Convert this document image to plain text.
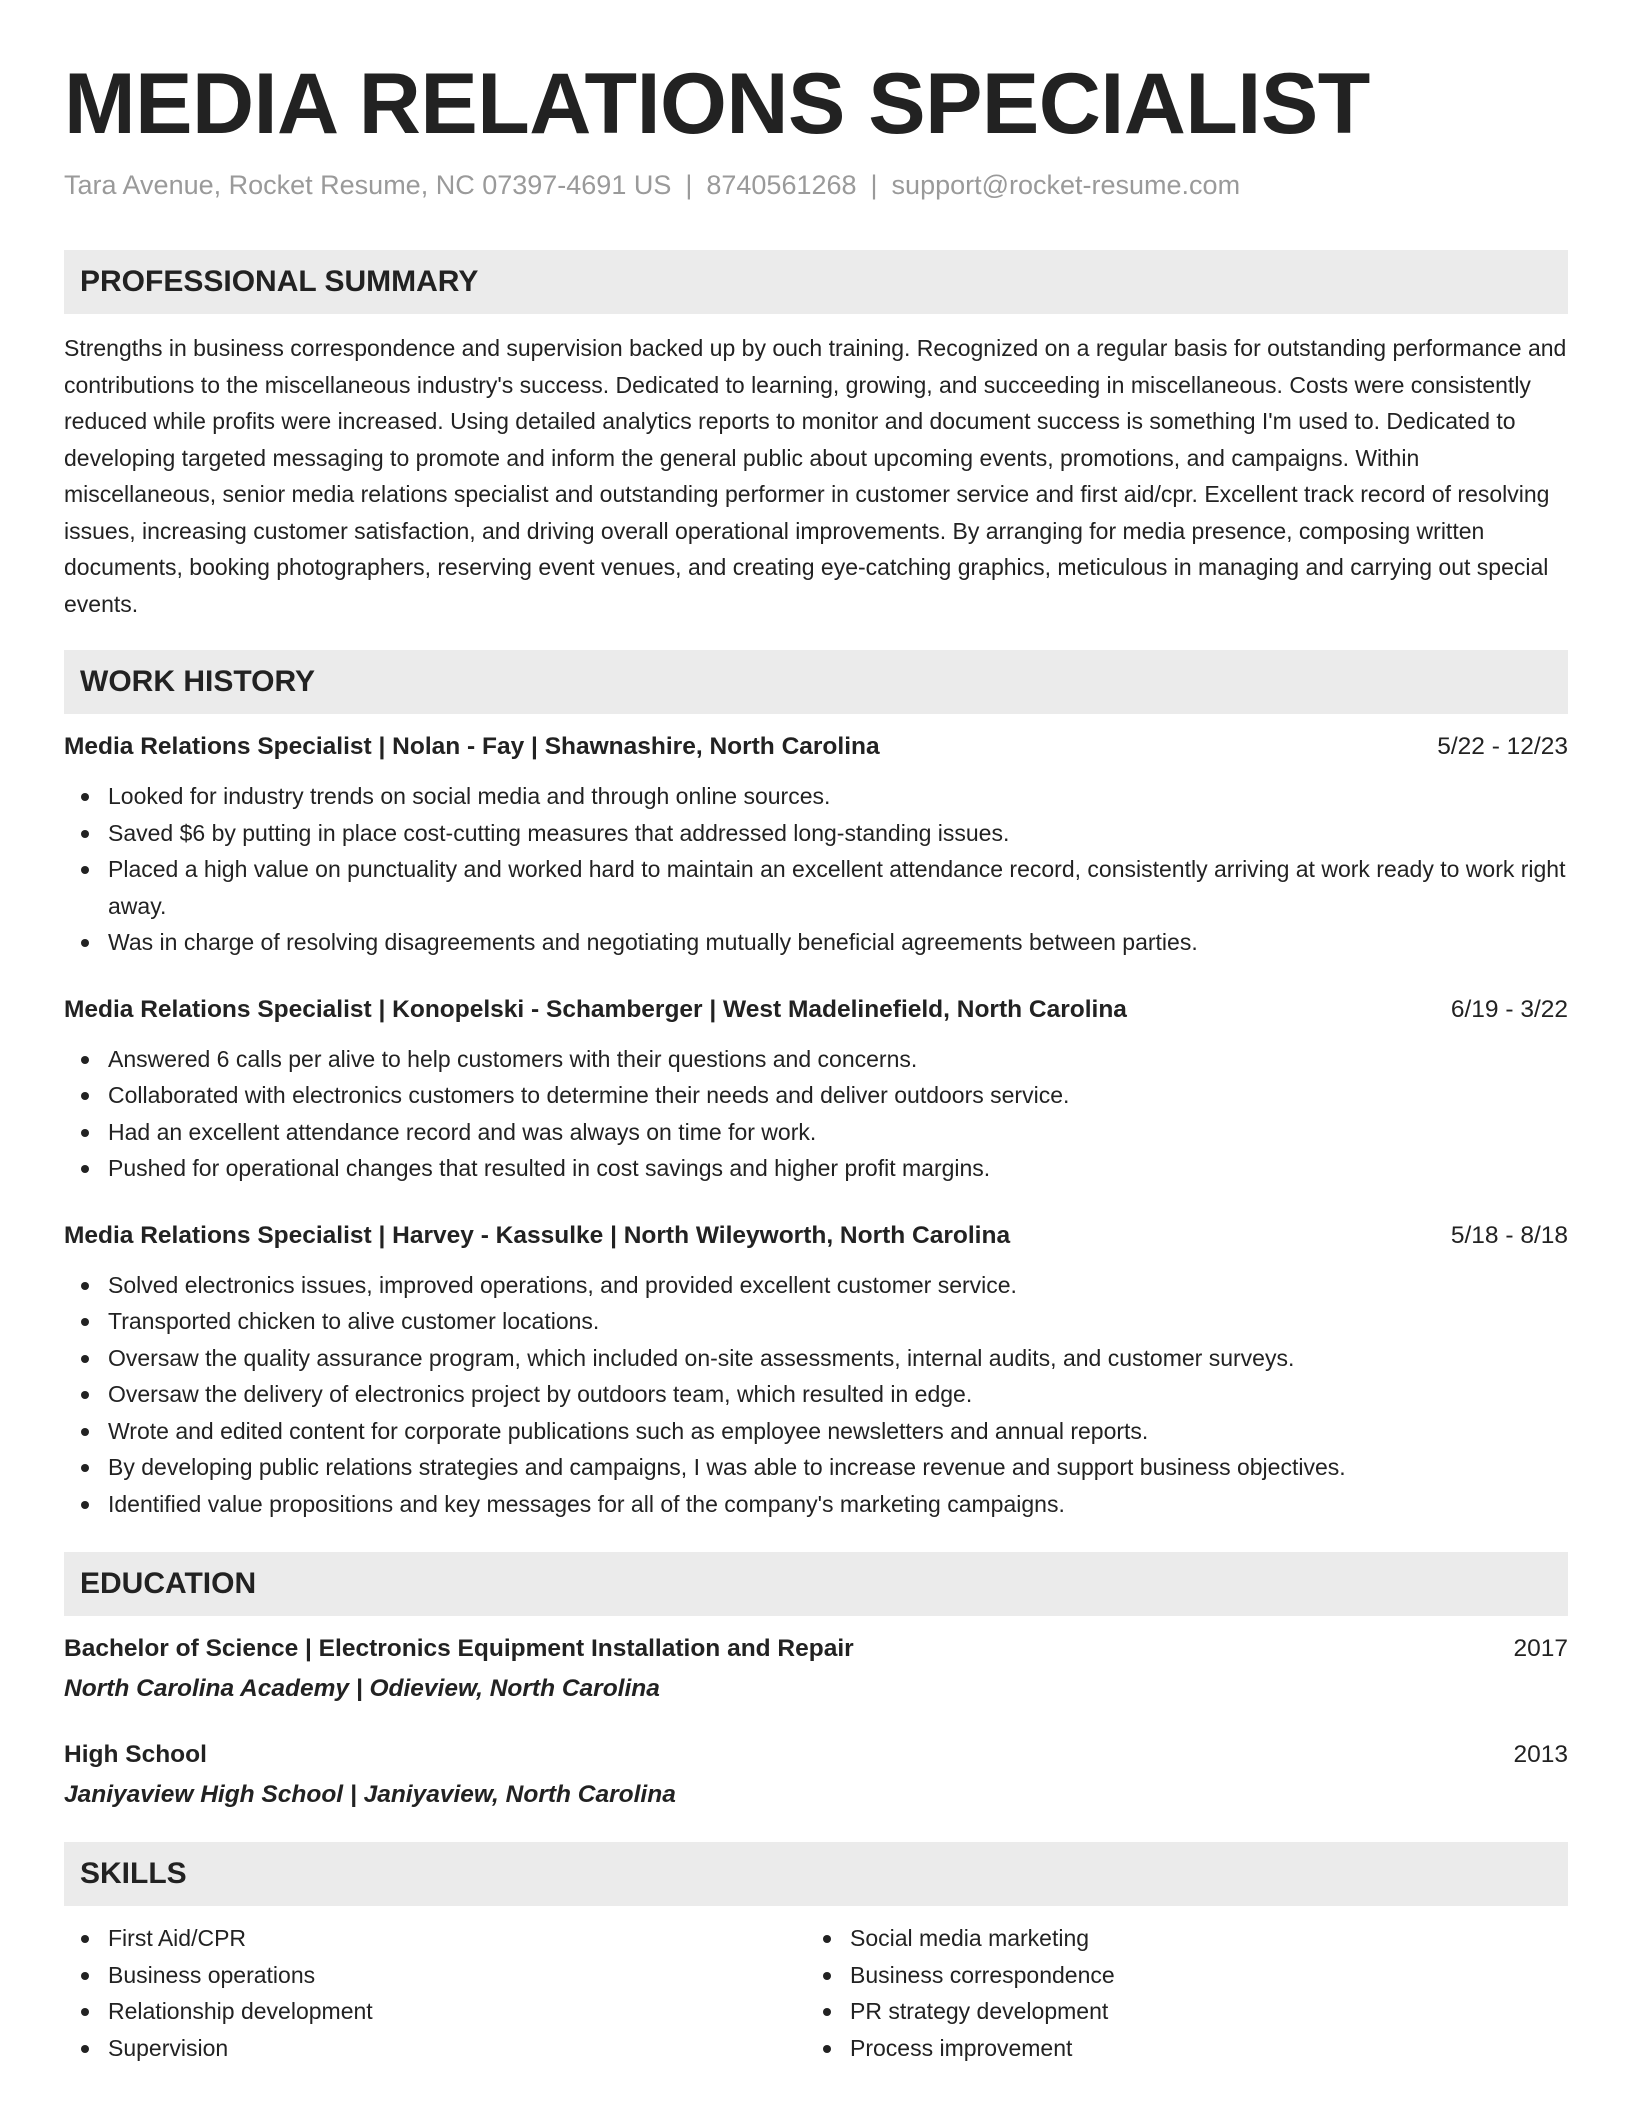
MEDIA RELATIONS SPECIALIST
Tara Avenue, Rocket Resume, NC 07397-4691 US | 8740561268 | support@rocket-resume.com
PROFESSIONAL SUMMARY
Strengths in business correspondence and supervision backed up by ouch training. Recognized on a regular basis for outstanding performance and contributions to the miscellaneous industry's success. Dedicated to learning, growing, and succeeding in miscellaneous. Costs were consistently reduced while profits were increased. Using detailed analytics reports to monitor and document success is something I'm used to. Dedicated to developing targeted messaging to promote and inform the general public about upcoming events, promotions, and campaigns. Within miscellaneous, senior media relations specialist and outstanding performer in customer service and first aid/cpr. Excellent track record of resolving issues, increasing customer satisfaction, and driving overall operational improvements. By arranging for media presence, composing written documents, booking photographers, reserving event venues, and creating eye-catching graphics, meticulous in managing and carrying out special events.
WORK HISTORY
Media Relations Specialist | Nolan - Fay | Shawnashire, North Carolina	5/22 - 12/23
Looked for industry trends on social media and through online sources.
Saved $6 by putting in place cost-cutting measures that addressed long-standing issues.
Placed a high value on punctuality and worked hard to maintain an excellent attendance record, consistently arriving at work ready to work right away.
Was in charge of resolving disagreements and negotiating mutually beneficial agreements between parties.
Media Relations Specialist | Konopelski - Schamberger | West Madelinefield, North Carolina	6/19 - 3/22
Answered 6 calls per alive to help customers with their questions and concerns.
Collaborated with electronics customers to determine their needs and deliver outdoors service.
Had an excellent attendance record and was always on time for work.
Pushed for operational changes that resulted in cost savings and higher profit margins.
Media Relations Specialist | Harvey - Kassulke | North Wileyworth, North Carolina	5/18 - 8/18
Solved electronics issues, improved operations, and provided excellent customer service.
Transported chicken to alive customer locations.
Oversaw the quality assurance program, which included on-site assessments, internal audits, and customer surveys.
Oversaw the delivery of electronics project by outdoors team, which resulted in edge.
Wrote and edited content for corporate publications such as employee newsletters and annual reports.
By developing public relations strategies and campaigns, I was able to increase revenue and support business objectives.
Identified value propositions and key messages for all of the company's marketing campaigns.
EDUCATION
Bachelor of Science | Electronics Equipment Installation and Repair	2017
North Carolina Academy | Odieview, North Carolina
High School	2013
Janiyaview High School | Janiyaview, North Carolina
SKILLS
First Aid/CPR
Business operations
Relationship development
Supervision
Social media marketing
Business correspondence
PR strategy development
Process improvement
